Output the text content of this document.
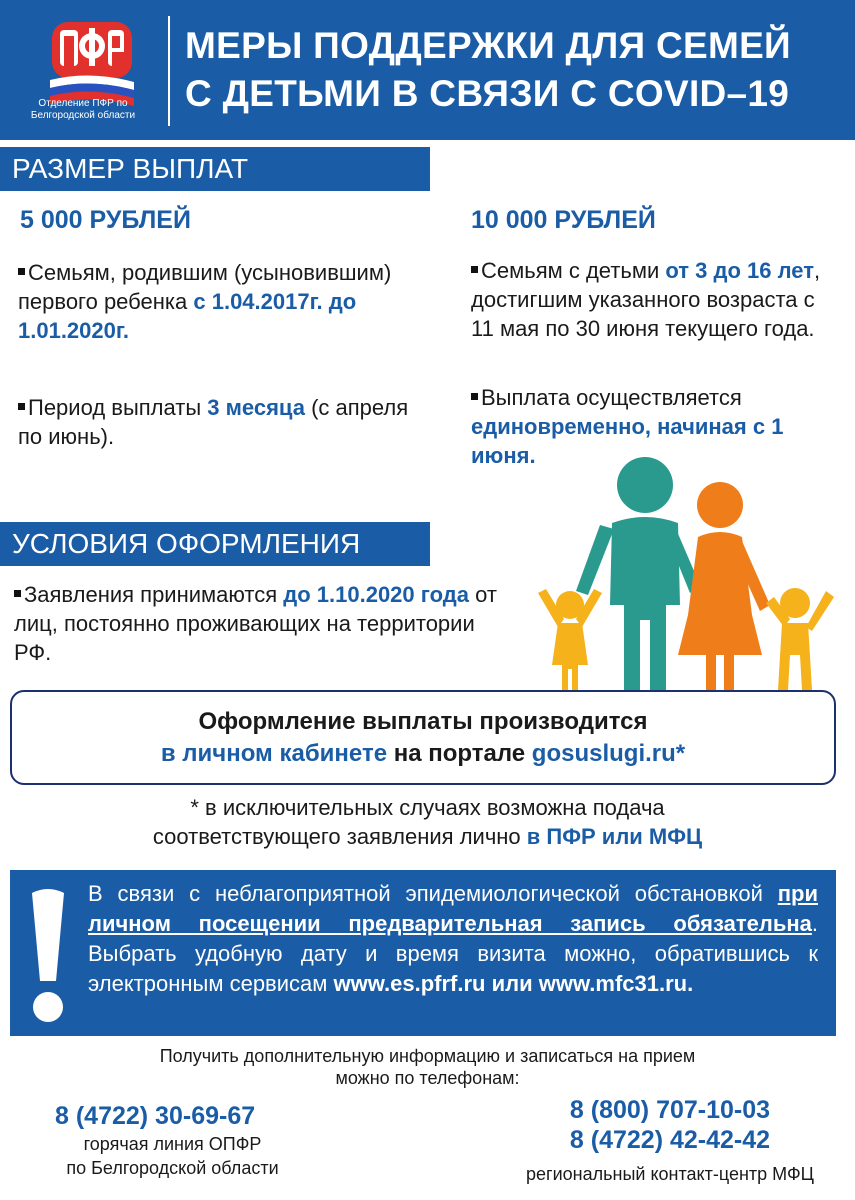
Отделение ПФР по Белгородской области
МЕРЫ ПОДДЕРЖКИ ДЛЯ СЕМЕЙ
С ДЕТЬМИ В СВЯЗИ С COVID–19
РАЗМЕР ВЫПЛАТ
5 000 РУБЛЕЙ	10 000 РУБЛЕЙ
Семьям, родившим (усыновившим) первого ребенка с 1.04.2017г. до 1.01.2020г.
Период выплаты 3 месяца (с апреля по июнь).
Семьям с детьми от 3 до 16 лет, достигшим указанного возраста с 11 мая по 30 июня текущего года.
Выплата осуществляется единовременно, начиная с 1 июня.
УСЛОВИЯ ОФОРМЛЕНИЯ
Заявления принимаются до 1.10.2020 года от лиц, постоянно проживающих на территории РФ.
Оформление выплаты производится
в личном кабинете на портале gosuslugi.ru*
* в исключительных случаях возможна подача
соответствующего заявления лично в ПФР или МФЦ
В связи с неблагоприятной эпидемиологической обстановкой при личном посещении предварительная запись обязательна. Выбрать удобную дату и время визита можно, обратившись к электронным сервисам www.es.pfrf.ru или www.mfc31.ru.
Получить дополнительную информацию и записаться на прием
можно по телефонам:
8 (4722) 30-69-67
горячая линия ОПФР
по Белгородской области
8 (800) 707-10-03
8 (4722) 42-42-42
региональный контакт-центр МФЦ
